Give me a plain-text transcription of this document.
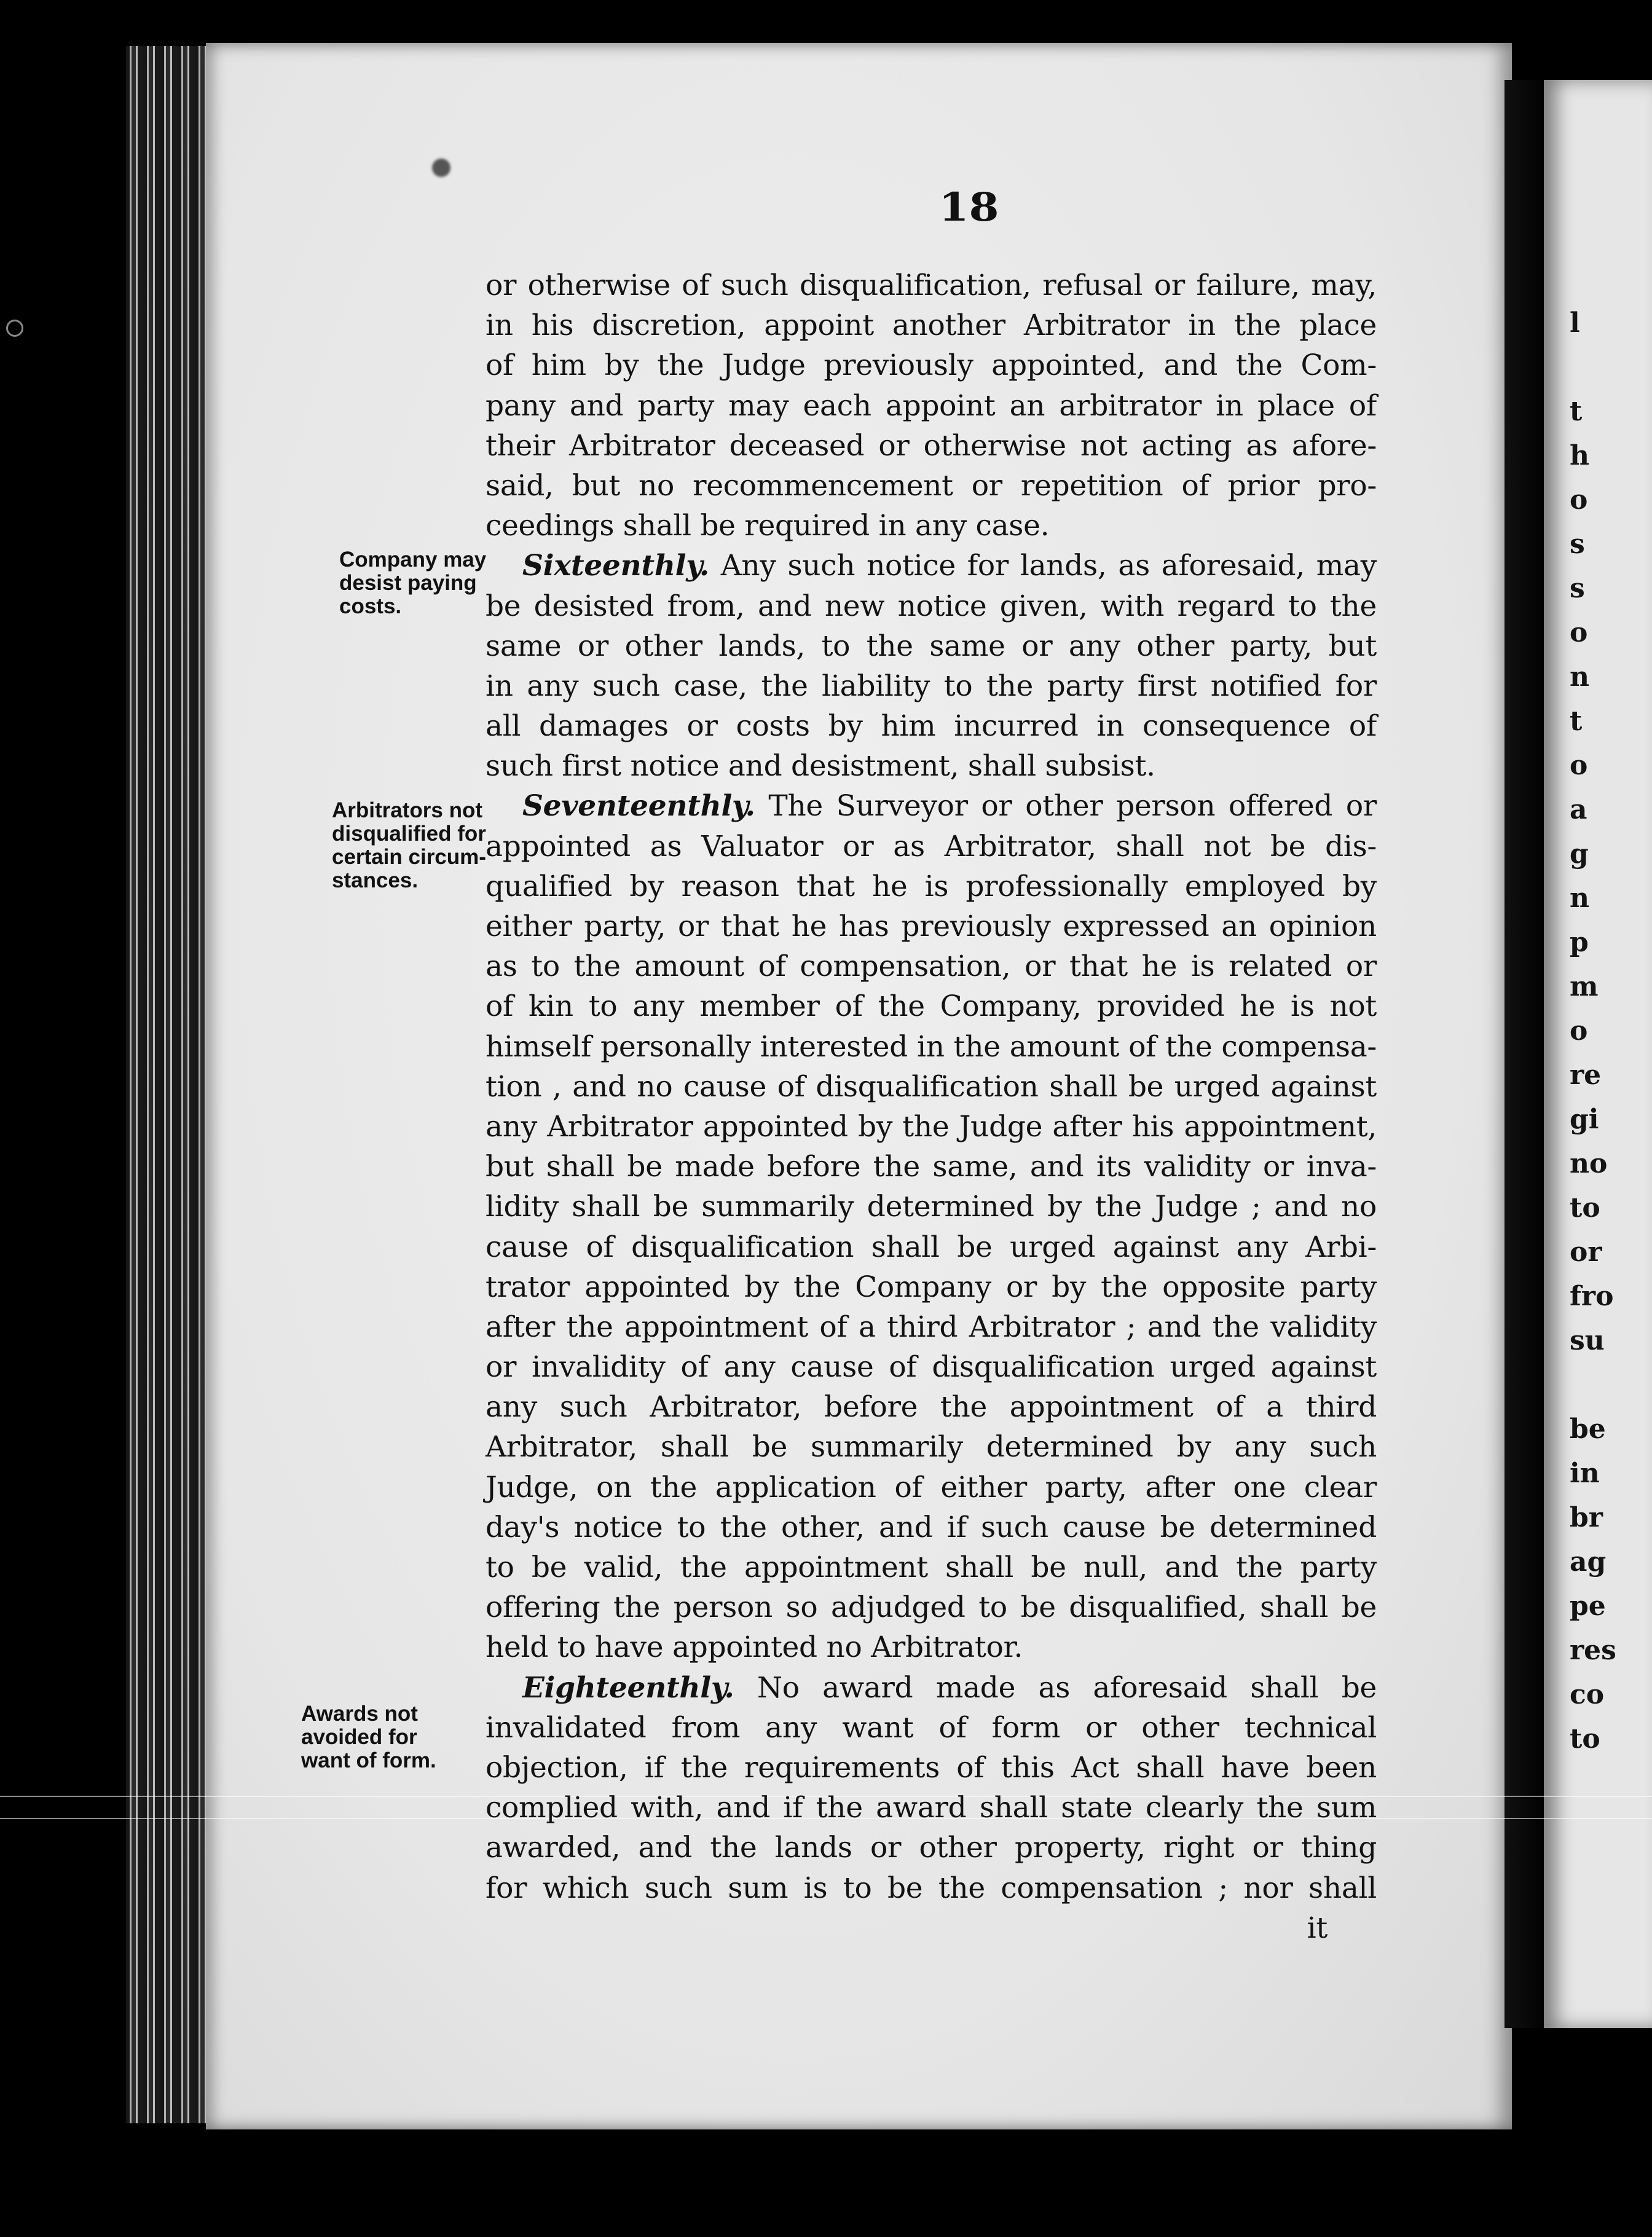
l

t
h
o
s
s
o
n
t
o
a
g
n
p
m
o
re
gi
no
to
or
fro
su

be
in
br
ag
pe
res
co
to
18
Company may
desist paying
costs.
Arbitrators not
disqualified for
certain circum-
stances.
Awards not
avoided for
want of form.
or otherwise of such disqualification, refusal or failure, may,
in his discretion, appoint another Arbitrator in the place
of him by the Judge previously appointed, and the Com-
pany and party may each appoint an arbitrator in place of
their Arbitrator deceased or otherwise not acting as afore-
said, but no recommencement or repetition of prior pro-
ceedings shall be required in any case.
Sixteenthly. Any such notice for lands, as aforesaid, may
be desisted from, and new notice given, with regard to the
same or other lands, to the same or any other party, but
in any such case, the liability to the party first notified for
all damages or costs by him incurred in consequence of
such first notice and desistment, shall subsist.
Seventeenthly. The Surveyor or other person offered or
appointed as Valuator or as Arbitrator, shall not be dis-
qualified by reason that he is professionally employed by
either party, or that he has previously expressed an opinion
as to the amount of compensation, or that he is related or
of kin to any member of the Company, provided he is not
himself personally interested in the amount of the compensa-
tion , and no cause of disqualification shall be urged against
any Arbitrator appointed by the Judge after his appointment,
but shall be made before the same, and its validity or inva-
lidity shall be summarily determined by the Judge ; and no
cause of disqualification shall be urged against any Arbi-
trator appointed by the Company or by the opposite party
after the appointment of a third Arbitrator ; and the validity
or invalidity of any cause of disqualification urged against
any such Arbitrator, before the appointment of a third
Arbitrator, shall be summarily determined by any such
Judge, on the application of either party, after one clear
day's notice to the other, and if such cause be determined
to be valid, the appointment shall be null, and the party
offering the person so adjudged to be disqualified, shall be
held to have appointed no Arbitrator.
Eighteenthly. No award made as aforesaid shall be
invalidated from any want of form or other technical
objection, if the requirements of this Act shall have been
complied with, and if the award shall state clearly the sum
awarded, and the lands or other property, right or thing
for which such sum is to be the compensation ; nor shall
it
